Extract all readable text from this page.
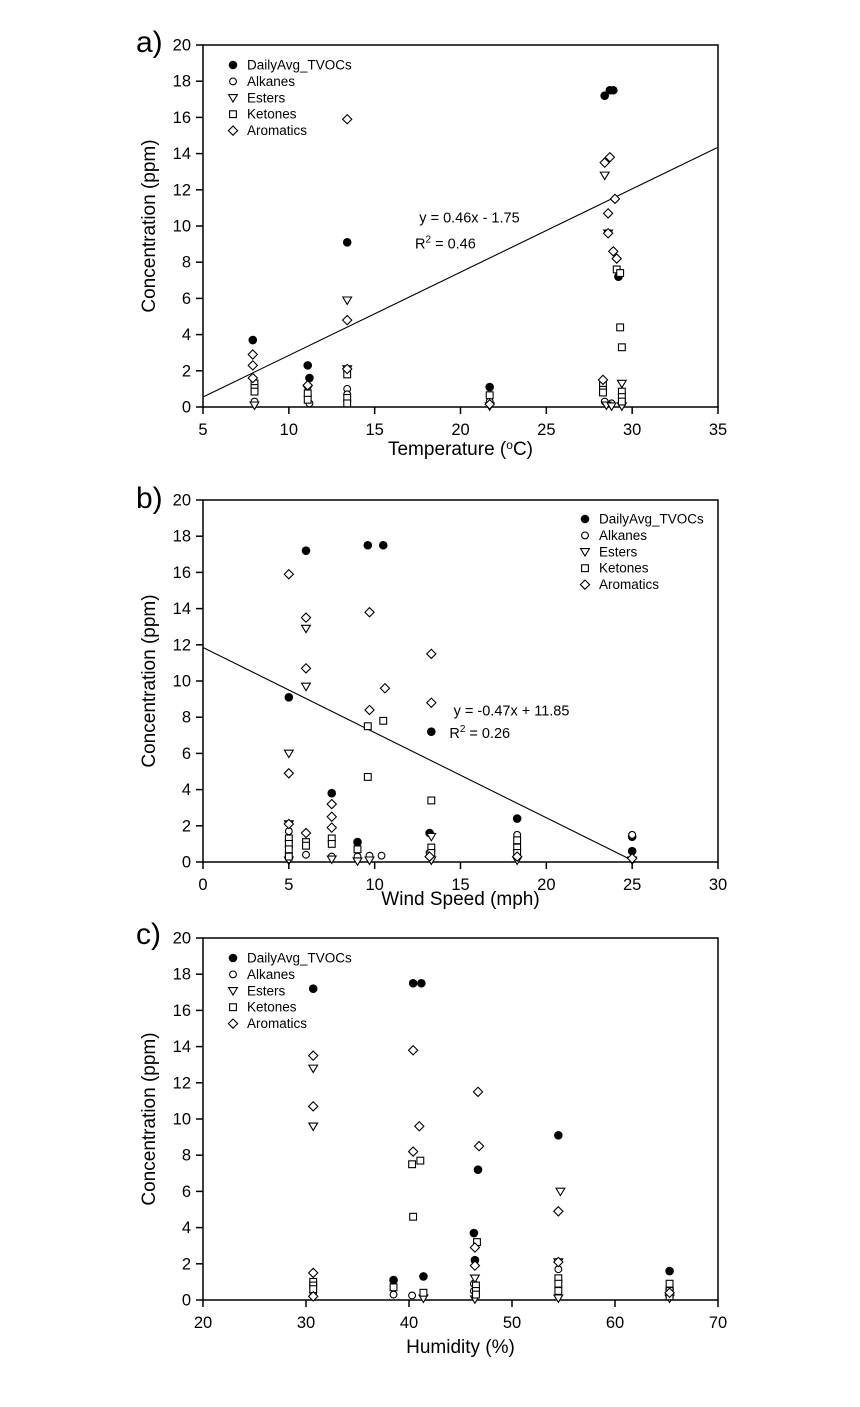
y = 0.46x - 1.75
$R^2 = 0.46$
5	10	15	20	25	30	35
0
2
4
6
8
10
12
14
16
18
20
DailyAvg_TVOCs
Alkanes
Esters
Ketones
Aromatics
y = -0.47x + 11.85
$R^2 = 0.26$
0	5	10	15	20	25	30
0
2
4
6
8
10
12
14
16
18
20
DailyAvg_TVOCs
Alkanes
Esters
Ketones
Aromatics
20	30	40	50	60	70
0
2
4
6
8
10
12
14
16
18
20
DailyAvg_TVOCs
Alkanes
Esters
Ketones
Aromatics
a)
b)
c)
Concentration (ppm)
Concentration (ppm)
Concentration (ppm)
Temperature ($^o$C)
Wind Speed (mph)
Humidity (%)
